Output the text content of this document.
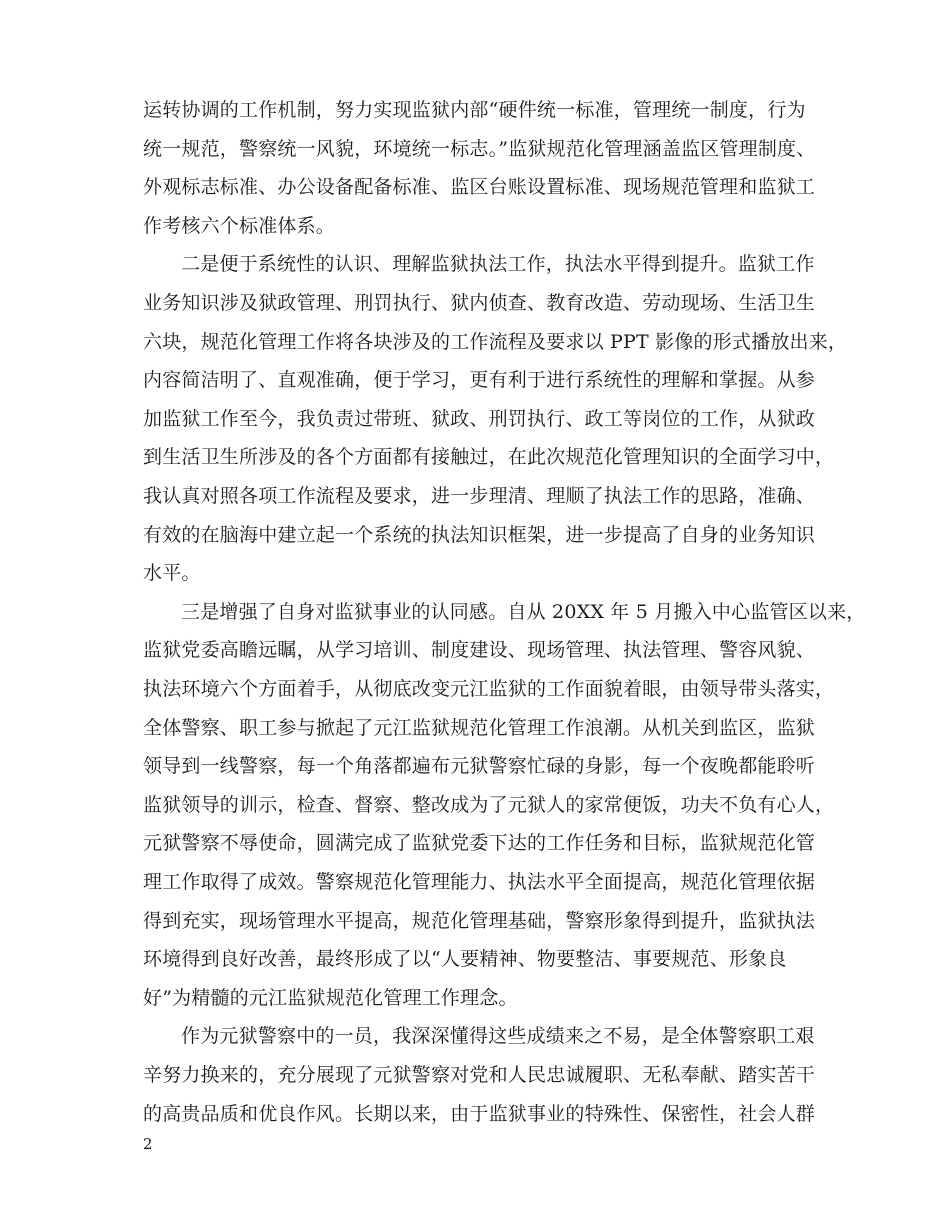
运转协调的工作机制，努力实现监狱内部“硬件统一标准，管理统一制度，行为
统一规范，警察统一风貌，环境统一标志。”监狱规范化管理涵盖监区管理制度、
外观标志标准、办公设备配备标准、监区台账设置标准、现场规范管理和监狱工
作考核六个标准体系。
二是便于系统性的认识、理解监狱执法工作，执法水平得到提升。监狱工作
业务知识涉及狱政管理、刑罚执行、狱内侦查、教育改造、劳动现场、生活卫生
六块，规范化管理工作将各块涉及的工作流程及要求以 PPT 影像的形式播放出来，
内容简洁明了、直观准确，便于学习，更有利于进行系统性的理解和掌握。从参
加监狱工作至今，我负责过带班、狱政、刑罚执行、政工等岗位的工作，从狱政
到生活卫生所涉及的各个方面都有接触过，在此次规范化管理知识的全面学习中，
我认真对照各项工作流程及要求，进一步理清、理顺了执法工作的思路，准确、
有效的在脑海中建立起一个系统的执法知识框架，进一步提高了自身的业务知识
水平。
三是增强了自身对监狱事业的认同感。自从 20XX 年 5 月搬入中心监管区以来，
监狱党委高瞻远瞩，从学习培训、制度建设、现场管理、执法管理、警容风貌、
执法环境六个方面着手，从彻底改变元江监狱的工作面貌着眼，由领导带头落实，
全体警察、职工参与掀起了元江监狱规范化管理工作浪潮。从机关到监区，监狱
领导到一线警察，每一个角落都遍布元狱警察忙碌的身影，每一个夜晚都能聆听
监狱领导的训示，检查、督察、整改成为了元狱人的家常便饭，功夫不负有心人，
元狱警察不辱使命，圆满完成了监狱党委下达的工作任务和目标，监狱规范化管
理工作取得了成效。警察规范化管理能力、执法水平全面提高，规范化管理依据
得到充实，现场管理水平提高，规范化管理基础，警察形象得到提升，监狱执法
环境得到良好改善，最终形成了以“人要精神、物要整洁、事要规范、形象良
好”为精髓的元江监狱规范化管理工作理念。
作为元狱警察中的一员，我深深懂得这些成绩来之不易，是全体警察职工艰
辛努力换来的，充分展现了元狱警察对党和人民忠诚履职、无私奉献、踏实苦干
的高贵品质和优良作风。长期以来，由于监狱事业的特殊性、保密性，社会人群
2
